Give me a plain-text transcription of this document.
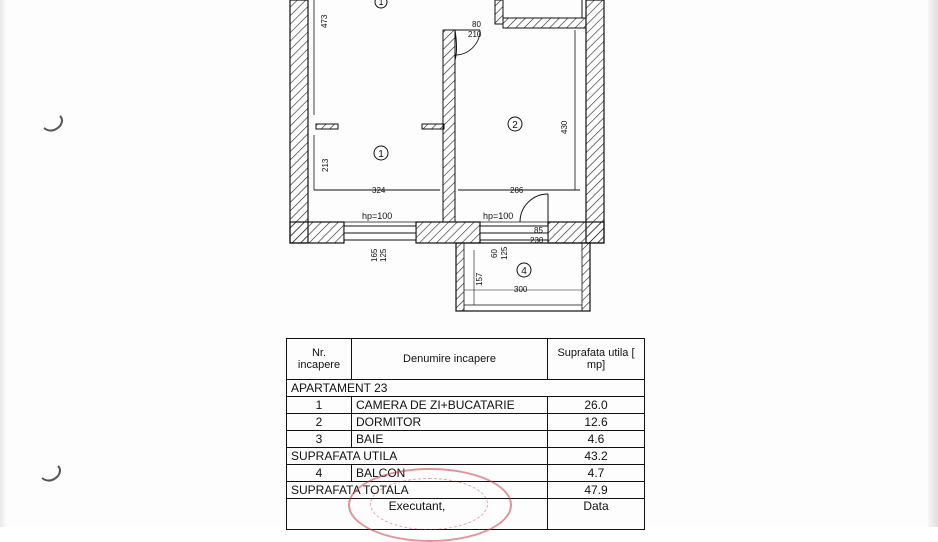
1
1
2
4
473	80
210
213
430
324	286
hp=100	hp=100
85
230
165 125	60 125
157
300
Nr. incapere	Denumire incapere	Suprafata utila [ mp]
APARTAMENT 23		
1	CAMERA DE ZI+BUCATARIE	26.0
2	DORMITOR	12.6
3	BAIE	4.6
SUPRAFATA UTILA		43.2
4	BALCON	4.7
SUPRAFATA TOTALA		47.9
Executant,		Data
